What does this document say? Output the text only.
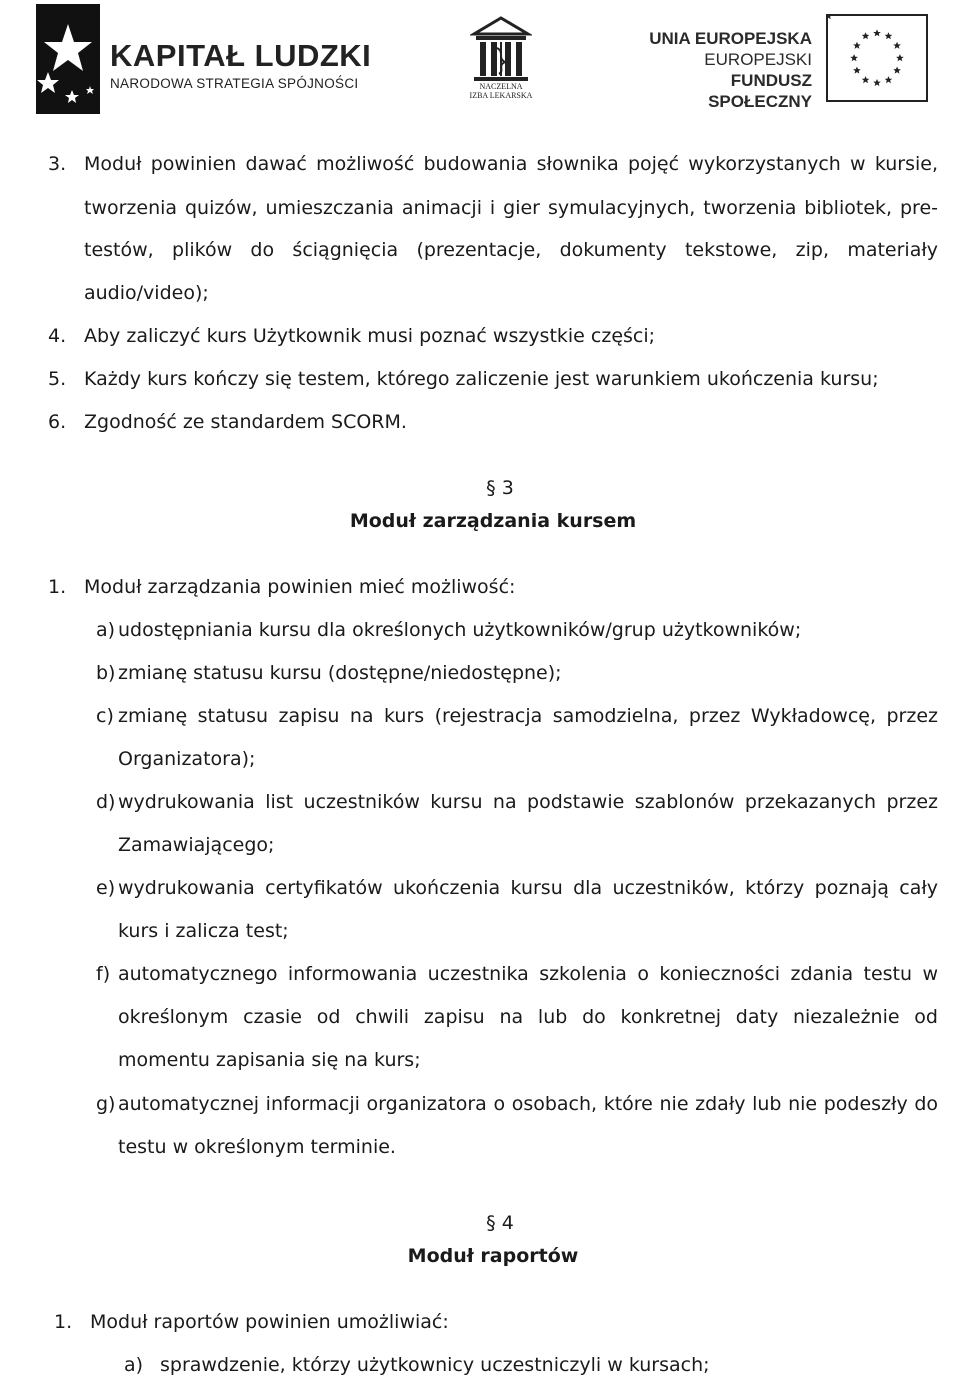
KAPITAŁ LUDZKI
NARODOWA STRATEGIA SPÓJNOŚCI	NACZELNA
IZBA LEKARSKA
UNIA EUROPEJSKA
EUROPEJSKI
FUNDUSZ SPOŁECZNY
3. Moduł powinien dawać możliwość budowania słownika pojęć wykorzystanych w kursie,
tworzenia quizów, umieszczania animacji i gier symulacyjnych, tworzenia bibliotek, pre-
testów, plików do ściągnięcia (prezentacje, dokumenty tekstowe, zip, materiały
audio/video);
4. Aby zaliczyć kurs Użytkownik musi poznać wszystkie części;
5. Każdy kurs kończy się testem, którego zaliczenie jest warunkiem ukończenia kursu;
6. Zgodność ze standardem SCORM.
§ 3
Moduł zarządzania kursem
1. Moduł zarządzania powinien mieć możliwość:
a) udostępniania kursu dla określonych użytkowników/grup użytkowników;
b) zmianę statusu kursu (dostępne/niedostępne);
c) zmianę statusu zapisu na kurs (rejestracja samodzielna, przez Wykładowcę, przez
Organizatora);
d) wydrukowania list uczestników kursu na podstawie szablonów przekazanych przez
Zamawiającego;
e) wydrukowania certyfikatów ukończenia kursu dla uczestników, którzy poznają cały
kurs i zalicza test;
f) automatycznego informowania uczestnika szkolenia o konieczności zdania testu w
określonym czasie od chwili zapisu na lub do konkretnej daty niezależnie od
momentu zapisania się na kurs;
g) automatycznej informacji organizatora o osobach, które nie zdały lub nie podeszły do
testu w określonym terminie.
§ 4
Moduł raportów
1. Moduł raportów powinien umożliwiać:
a) sprawdzenie, którzy użytkownicy uczestniczyli w kursach;
